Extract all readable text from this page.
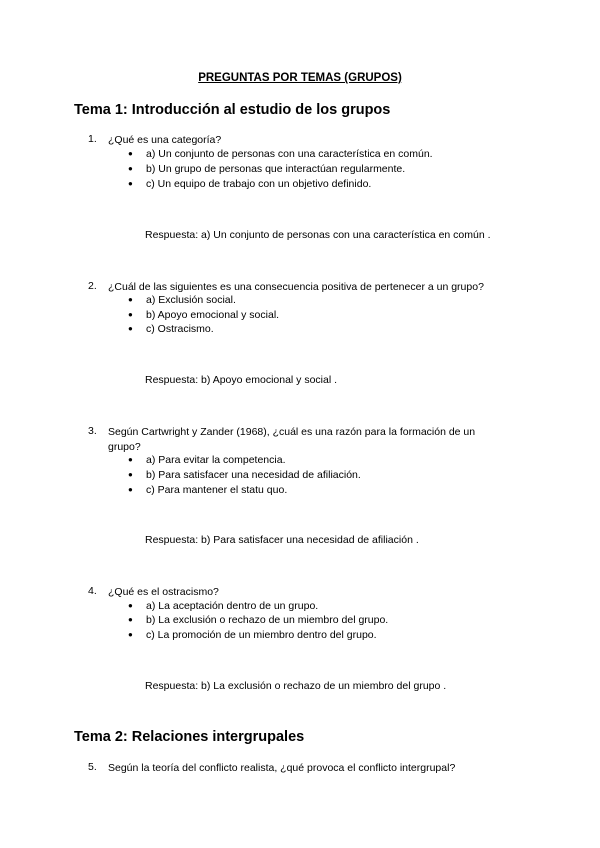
PREGUNTAS POR TEMAS (GRUPOS)
Tema 1: Introducción al estudio de los grupos
1. ¿Qué es una categoría?
● a) Un conjunto de personas con una característica en común.
● b) Un grupo de personas que interactúan regularmente.
● c) Un equipo de trabajo con un objetivo definido.
Respuesta: a) Un conjunto de personas con una característica en común .
2. ¿Cuál de las siguientes es una consecuencia positiva de pertenecer a un grupo?
● a) Exclusión social.
● b) Apoyo emocional y social.
● c) Ostracismo.
Respuesta: b) Apoyo emocional y social .
3. Según Cartwright y Zander (1968), ¿cuál es una razón para la formación de un grupo?
● a) Para evitar la competencia.
● b) Para satisfacer una necesidad de afiliación.
● c) Para mantener el statu quo.
Respuesta: b) Para satisfacer una necesidad de afiliación .
4. ¿Qué es el ostracismo?
● a) La aceptación dentro de un grupo.
● b) La exclusión o rechazo de un miembro del grupo.
● c) La promoción de un miembro dentro del grupo.
Respuesta: b) La exclusión o rechazo de un miembro del grupo .
Tema 2: Relaciones intergrupales
5. Según la teoría del conflicto realista, ¿qué provoca el conflicto intergrupal?
